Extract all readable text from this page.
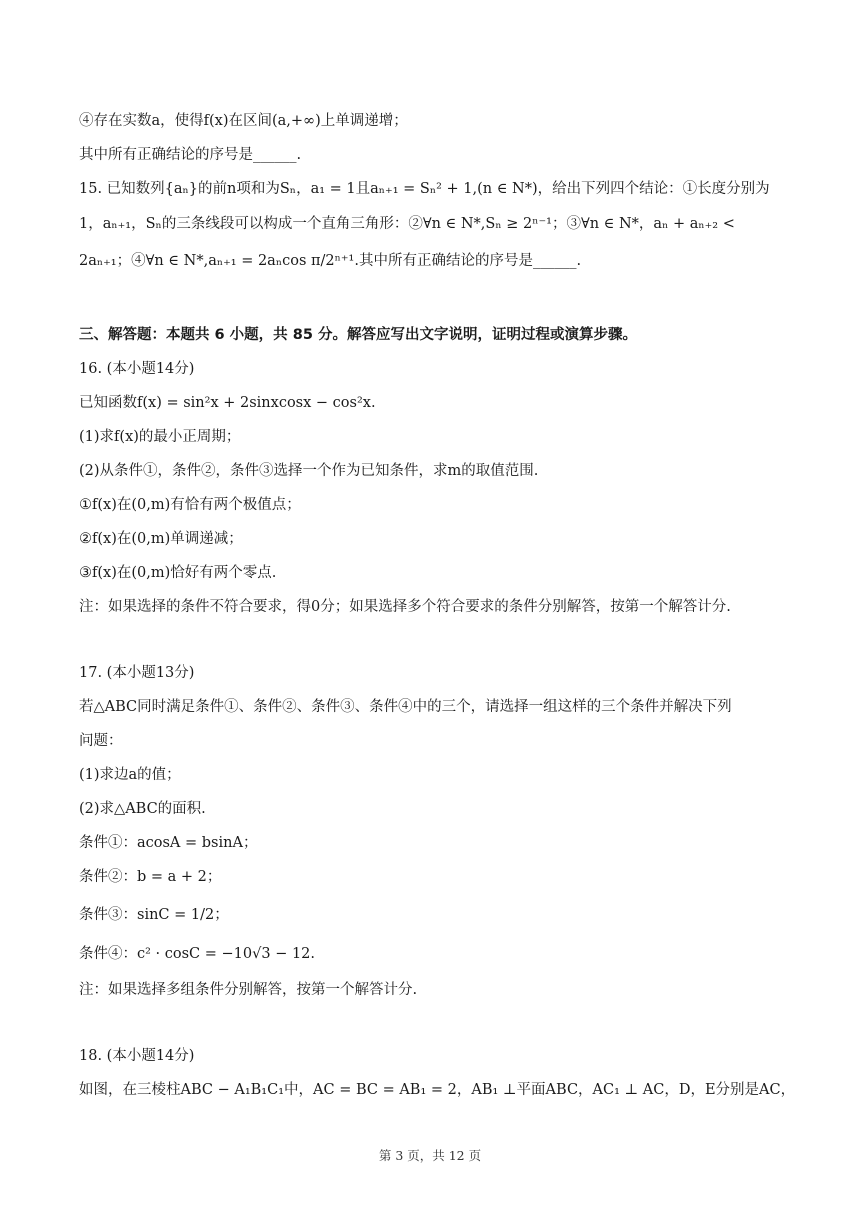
④存在实数a，使得f(x)在区间(a,+∞)上单调递增；
其中所有正确结论的序号是______.
15. 已知数列{aₙ}的前n项和为Sₙ，a₁ = 1且aₙ₊₁ = Sₙ² + 1,(n ∈ N*)，给出下列四个结论：①长度分别为
1，aₙ₊₁，Sₙ的三条线段可以构成一个直角三角形：②∀n ∈ N*,Sₙ ≥ 2ⁿ⁻¹；③∀n ∈ N*，aₙ + aₙ₊₂ <
2aₙ₊₁；④∀n ∈ N*,aₙ₊₁ = 2aₙcos π/2ⁿ⁺¹.其中所有正确结论的序号是______.
三、解答题：本题共 6 小题，共 85 分。解答应写出文字说明，证明过程或演算步骤。
16. (本小题14分)
已知函数f(x) = sin²x + 2sinxcosx − cos²x.
(1)求f(x)的最小正周期；
(2)从条件①，条件②，条件③选择一个作为已知条件，求m的取值范围.
①f(x)在(0,m)有恰有两个极值点；
②f(x)在(0,m)单调递减；
③f(x)在(0,m)恰好有两个零点.
注：如果选择的条件不符合要求，得0分；如果选择多个符合要求的条件分别解答，按第一个解答计分.
17. (本小题13分)
若△ABC同时满足条件①、条件②、条件③、条件④中的三个，请选择一组这样的三个条件并解决下列
问题：
(1)求边a的值；
(2)求△ABC的面积.
条件①：acosA = bsinA；
条件②：b = a + 2；
条件③：sinC = 1/2；
条件④：c² · cosC = −10√3 − 12.
注：如果选择多组条件分别解答，按第一个解答计分.
18. (本小题14分)
如图，在三棱柱ABC − A₁B₁C₁中，AC = BC = AB₁ = 2，AB₁ ⊥平面ABC，AC₁ ⊥ AC，D，E分别是AC，
第 3 页，共 12 页
